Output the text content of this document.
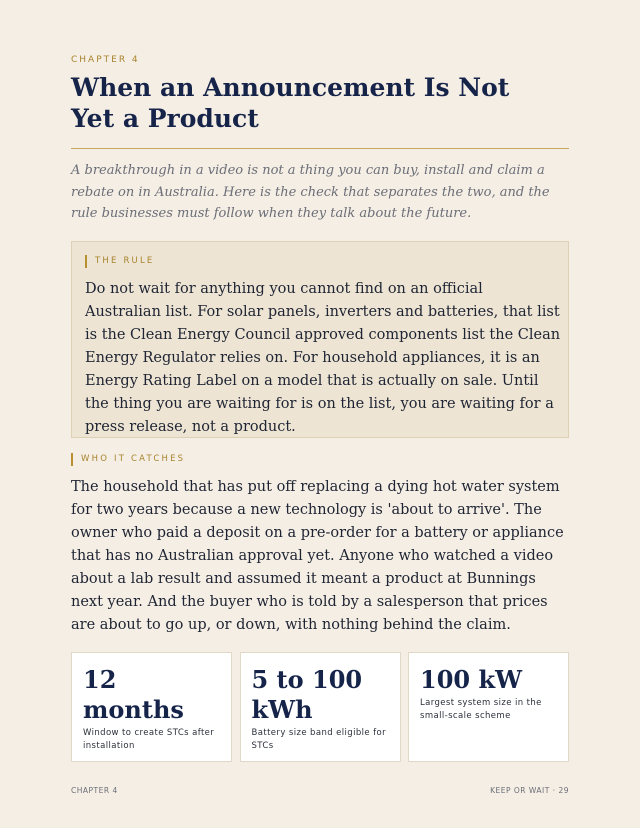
CHAPTER 4
When an Announcement Is Not Yet a Product

A breakthrough in a video is not a thing you can buy, install and claim a rebate on in Australia. Here is the check that separates the two, and the rule businesses must follow when they talk about the future.

THE RULE

Do not wait for anything you cannot find on an official Australian list. For solar panels, inverters and batteries, that list is the Clean Energy Council approved components list the Clean Energy Regulator relies on. For household appliances, it is an Energy Rating Label on a model that is actually on sale. Until the thing you are waiting for is on the list, you are waiting for a press release, not a product.

WHO IT CATCHES

The household that has put off replacing a dying hot water system for two years because a new technology is 'about to arrive'. The owner who paid a deposit on a pre-order for a battery or appliance that has no Australian approval yet. Anyone who watched a video about a lab result and assumed it meant a product at Bunnings next year. And the buyer who is told by a salesperson that prices are about to go up, or down, with nothing behind the claim.

12 months
Window to create STCs after installation
5 to 100 kWh
Battery size band eligible for STCs
100 kW
Largest system size in the small-scale scheme
CHAPTER 4	KEEP OR WAIT · 29
